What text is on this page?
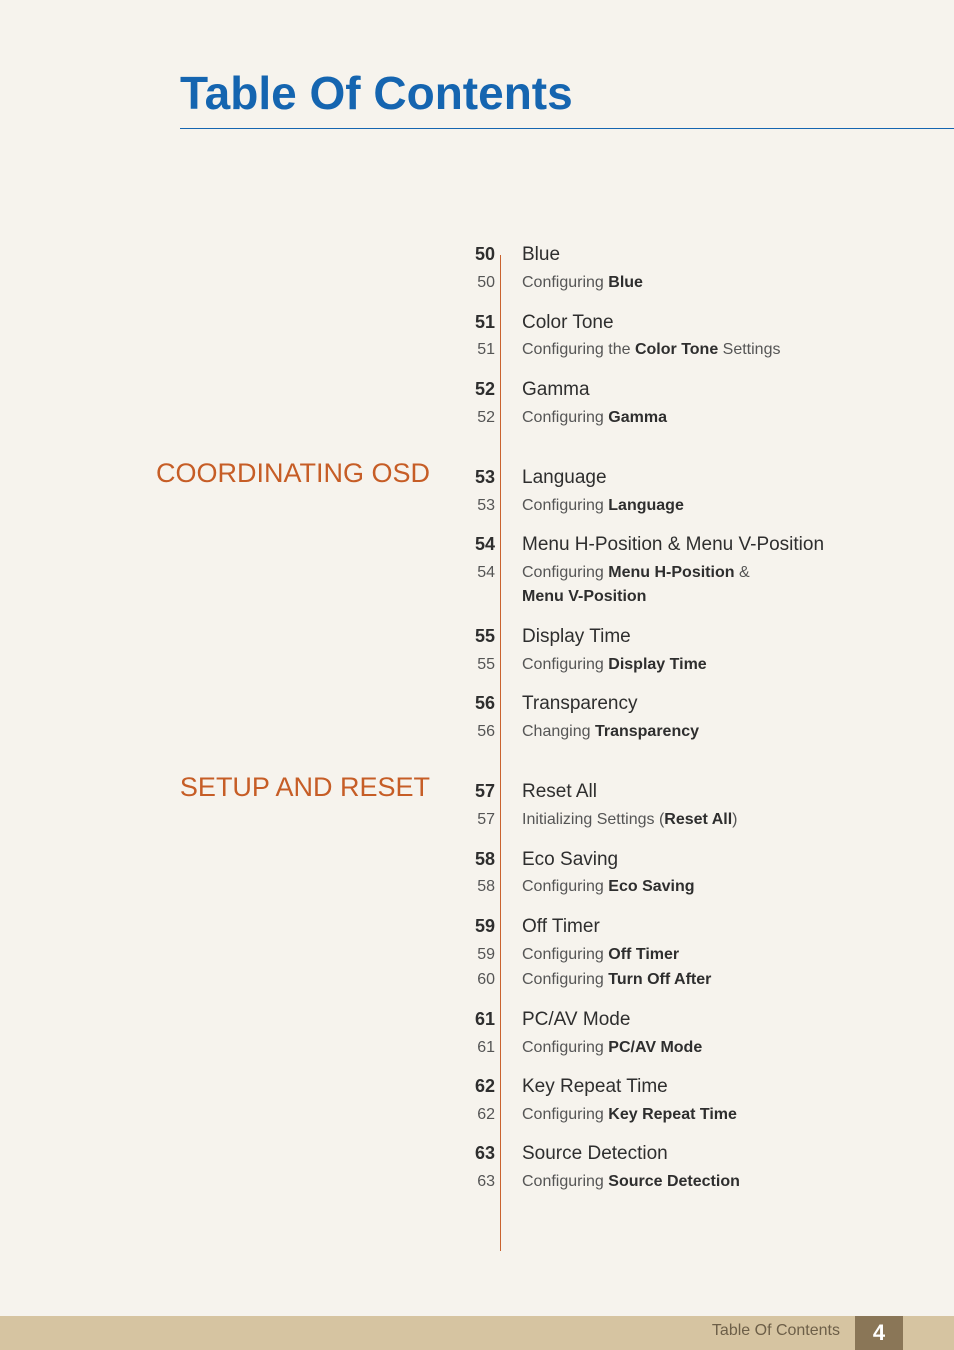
Table Of Contents
COORDINATING OSD
SETUP AND RESET
50 Blue
50 Configuring Blue
51 Color Tone
51 Configuring the Color Tone Settings
52 Gamma
52 Configuring Gamma
53 Language
53 Configuring Language
54 Menu H-Position & Menu V-Position
54 Configuring Menu H-Position &
Menu V-Position
55 Display Time
55 Configuring Display Time
56 Transparency
56 Changing Transparency
57 Reset All
57 Initializing Settings (Reset All)
58 Eco Saving
58 Configuring Eco Saving
59 Off Timer
59 Configuring Off Timer
60 Configuring Turn Off After
61 PC/AV Mode
61 Configuring PC/AV Mode
62 Key Repeat Time
62 Configuring Key Repeat Time
63 Source Detection
63 Configuring Source Detection
Table Of Contents	4
